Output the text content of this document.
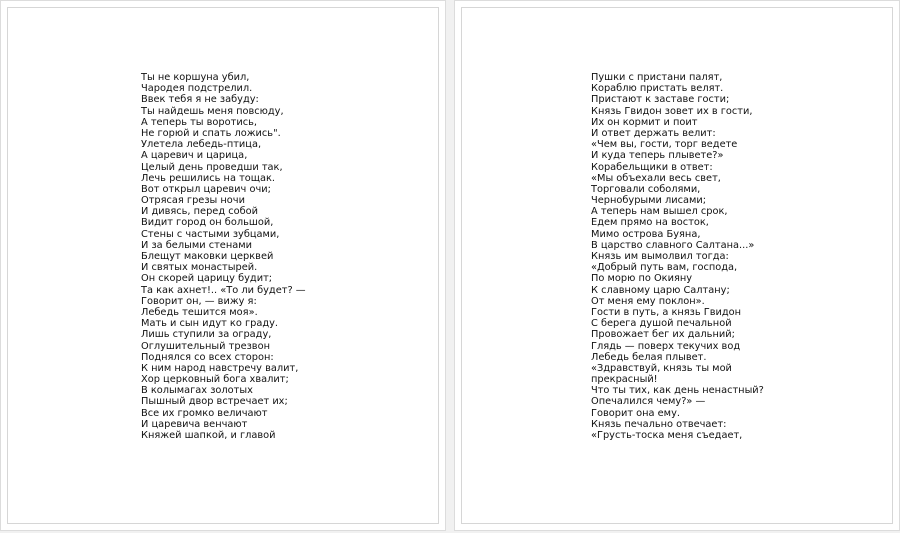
Ты не коршуна убил,
Чародея подстрелил.
Ввек тебя я не забуду:
Ты найдешь меня повсюду,
А теперь ты воротись,
Не горюй и спать ложись".
Улетела лебедь-птица,
А царевич и царица,
Целый день проведши так,
Лечь решились на тощак.
Вот открыл царевич очи;
Отрясая грезы ночи
И дивясь, перед собой
Видит город он большой,
Стены с частыми зубцами,
И за белыми стенами
Блещут маковки церквей
И святых монастырей.
Он скорей царицу будит;
Та как ахнет!.. «То ли будет? —
Говорит он, — вижу я:
Лебедь тешится моя».
Мать и сын идут ко граду.
Лишь ступили за ограду,
Оглушительный трезвон
Поднялся со всех сторон:
К ним народ навстречу валит,
Хор церковный бога хвалит;
В колымагах золотых
Пышный двор встречает их;
Все их громко величают
И царевича венчают
Княжей шапкой, и главой
Пушки с пристани палят,
Кораблю пристать велят.
Пристают к заставе гости;
Князь Гвидон зовет их в гости,
Их он кормит и поит
И ответ держать велит:
«Чем вы, гости, торг ведете
И куда теперь плывете?»
Корабельщики в ответ:
«Мы объехали весь свет,
Торговали соболями,
Чернобурыми лисами;
А теперь нам вышел срок,
Едем прямо на восток,
Мимо острова Буяна,
В царство славного Салтана...»
Князь им вымолвил тогда:
«Добрый путь вам, господа,
По морю по Окияну
К славному царю Салтану;
От меня ему поклон».
Гости в путь, а князь Гвидон
С берега душой печальной
Провожает бег их дальний;
Глядь — поверх текучих вод
Лебедь белая плывет.
«Здравствуй, князь ты мой
прекрасный!
Что ты тих, как день ненастный?
Опечалился чему?» —
Говорит она ему.
Князь печально отвечает:
«Грусть-тоска меня съедает,
